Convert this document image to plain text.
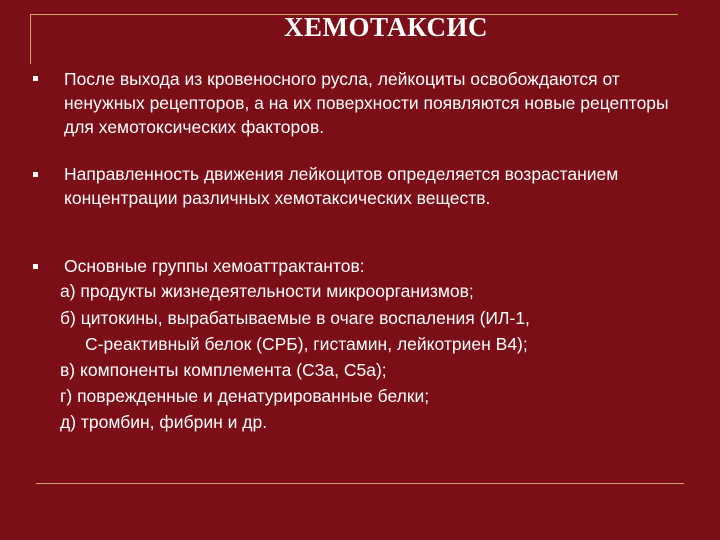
ХЕМОТАКСИС

После выхода из кровеносного русла, лейкоциты освобождаются от ненужных рецепторов, а на их поверхности появляются новые рецепторы для хемотоксических факторов.

Направленность движения лейкоцитов определяется возрастанием концентрации различных хемотаксических веществ.

Основные группы хемоаттрактантов:
а) продукты жизнедеятельности микроорганизмов;
б) цитокины, вырабатываемые в очаге воспаления (ИЛ-1,
С-реактивный белок (СРБ), гистамин, лейкотриен В4);
в) компоненты комплемента (С3а, С5а);
г) поврежденные и денатурированные белки;
д) тромбин, фибрин и др.
